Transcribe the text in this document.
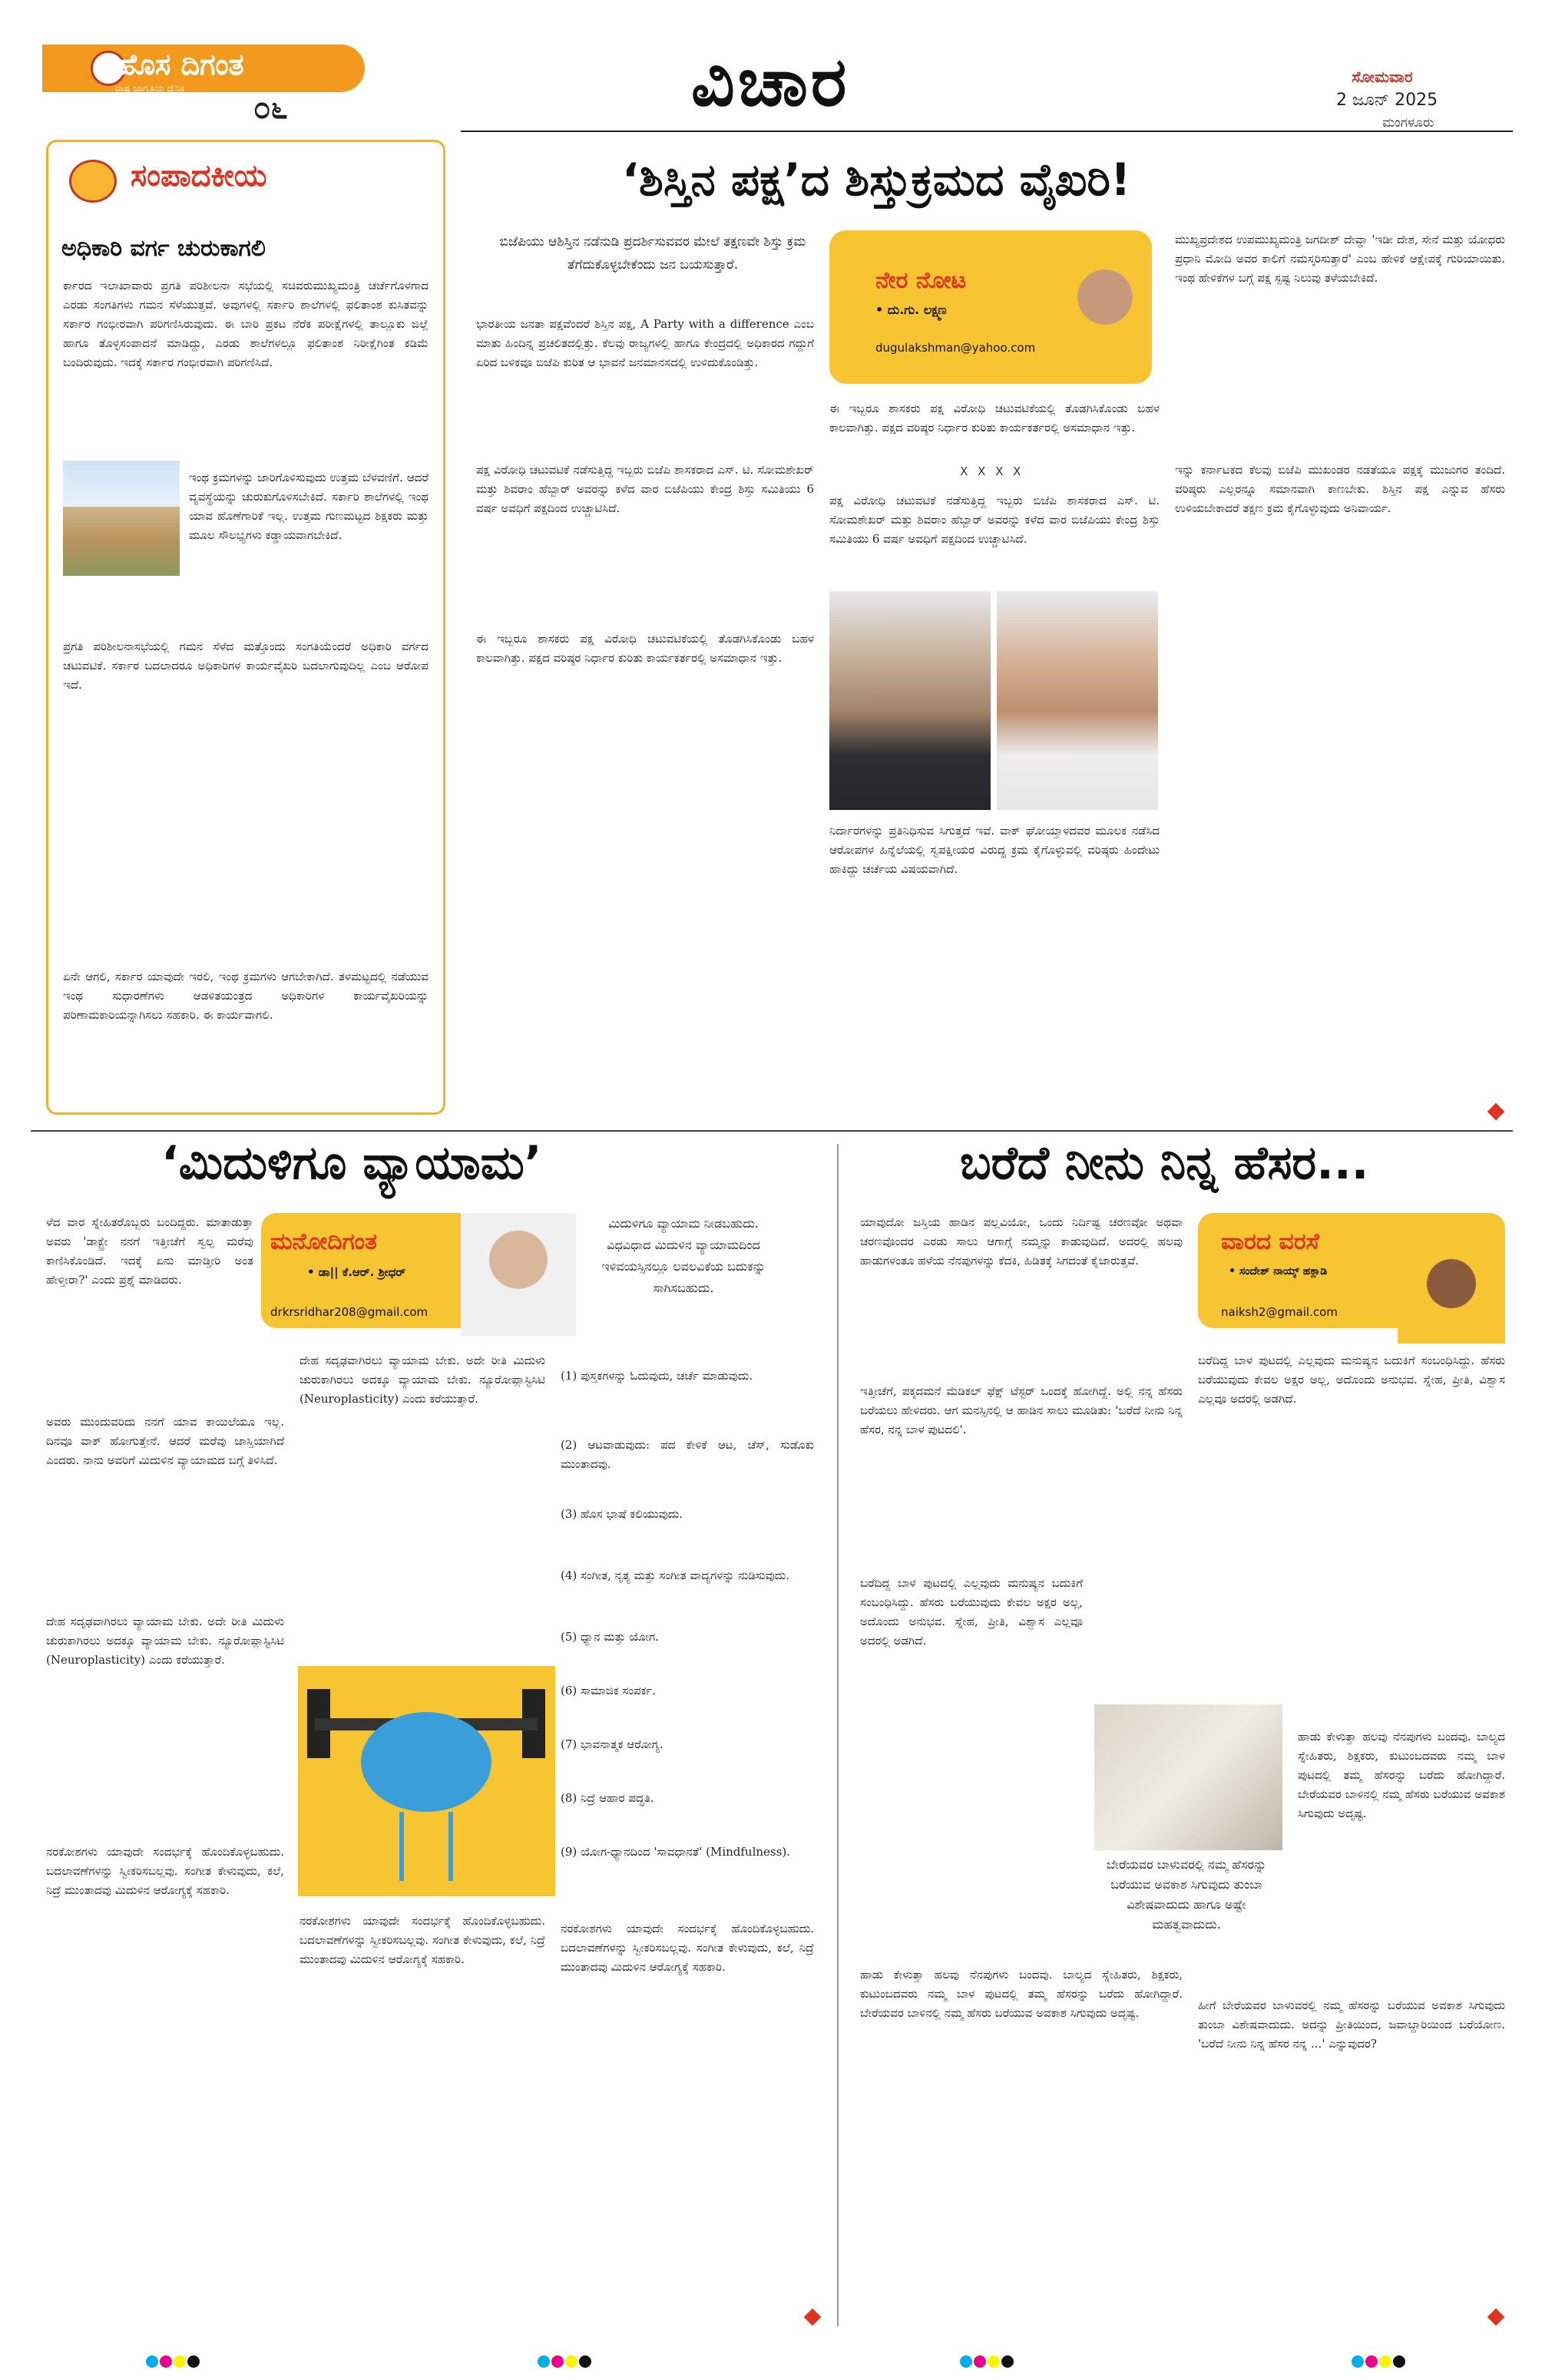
ಹೊಸ ದಿಗಂತ
ರಾಷ್ಟ್ರ ಜಾಗೃತಿಯ ದೈನಿಕ
೦೬	ವಿಚಾರ	ಸೋಮವಾರ
2 ಜೂನ್ 2025
ಮಂಗಳೂರು
ಸಂಪಾದಕೀಯ
ಅಧಿಕಾರಿ ವರ್ಗ ಚುರುಕಾಗಲಿ
ರ್ಕಾರದ ಇಲಾಖಾವಾರು ಪ್ರಗತಿ ಪರಿಶೀಲನಾ ಸಭೆಯಲ್ಲಿ ಸಚಿವರುಮುಖ್ಯಮಂತ್ರಿ ಚರ್ಚೆಗೊಳಗಾದ ಎರಡು ಸಂಗತಿಗಳು ಗಮನ ಸೆಳೆಯುತ್ತವೆ. ಅವುಗಳಲ್ಲಿ ಸರ್ಕಾರಿ ಶಾಲೆಗಳಲ್ಲಿ ಫಲಿತಾಂಶ ಕುಸಿತವನ್ನು ಸರ್ಕಾರ ಗಂಭೀರವಾಗಿ ಪರಿಗಣಿಸಿರುವುದು. ಈ ಬಾರಿ ಪ್ರಕಟ ನೆರೆಕ ಪರೀಕ್ಷೆಗಳಲ್ಲಿ ತಾಲ್ಲೂಕು ಜಿಲ್ಲೆ ಹಾಗೂ ತೊಳ್ಳಸಂಪಾದನೆ ಮಾಡಿದ್ದು, ಎರಡು ಶಾಲೆಗಳಲ್ಲೂ ಫಲಿತಾಂಶ ನಿರೀಕ್ಷೆಗಿಂತ ಕಡಿಮೆ ಬಂದಿರುವುದು. ಇದಕ್ಕೆ ಸರ್ಕಾರ ಗಂಭೀರವಾಗಿ ಪರಿಗಣಿಸಿದೆ.
ಇಂಥ ಕ್ರಮಗಳನ್ನು ಜಾರಿಗೊಳಿಸುವುದು ಉತ್ತಮ ಬೆಳವಣಿಗೆ. ಆದರೆ ವ್ಯವಸ್ಥೆಯನ್ನು ಚುರುಕುಗೊಳಿಸಬೇಕಿದೆ. ಸರ್ಕಾರಿ ಶಾಲೆಗಳಲ್ಲಿ ಇಂಥ ಯಾವ ಹೊಣೆಗಾರಿಕೆ ಇಲ್ಲ. ಉತ್ತಮ ಗುಣಮಟ್ಟದ ಶಿಕ್ಷಕರು ಮತ್ತು ಮೂಲ ಸೌಲಭ್ಯಗಳು ಕಡ್ಡಾಯವಾಗಬೇಕಿದೆ.
ಪ್ರಗತಿ ಪರಿಶೀಲನಾಸಭೆಯಲ್ಲಿ ಗಮನ ಸೆಳೆದ ಮತ್ತೊಂದು ಸಂಗತಿಯೆಂದರೆ ಅಧಿಕಾರಿ ವರ್ಗದ ಚಟುವಟಿಕೆ. ಸರ್ಕಾರ ಬದಲಾದರೂ ಅಧಿಕಾರಿಗಳ ಕಾರ್ಯವೈಖರಿ ಬದಲಾಗುವುದಿಲ್ಲ ಎಂಬ ಆರೋಪ ಇದೆ.
ಏನೇ ಆಗಲಿ, ಸರ್ಕಾರ ಯಾವುದೇ ಇರಲಿ, ಇಂಥ ಕ್ರಮಗಳು ಆಗಬೇಕಾಗಿದೆ. ತಳಮಟ್ಟದಲ್ಲಿ ನಡೆಯುವ ಇಂಥ ಸುಧಾರಣೆಗಳು ಆಡಳಿತಯಂತ್ರದ ಅಧಿಕಾರಿಗಳ ಕಾರ್ಯವೈಖರಿಯನ್ನು ಪರಿಣಾಮಕಾರಿಯನ್ನಾಗಿಸಲು ಸಹಕಾರಿ. ಈ ಕಾರ್ಯವಾಗಲಿ.
‘ಶಿಸ್ತಿನ ಪಕ್ಷ’ದ ಶಿಸ್ತುಕ್ರಮದ ವೈಖರಿ!
ಬಿಜೆಪಿಯು ಆಶಿಸ್ತಿನ ನಡೆನುಡಿ ಪ್ರದರ್ಶಿಸುವವರ ಮೇಲೆ ತಕ್ಷಣವೇ ಶಿಸ್ತು ಕ್ರಮ ತೆಗೆದುಕೊಳ್ಳಬೇಕೆಂದು ಜನ ಬಯಸುತ್ತಾರೆ.
ನೇರ ನೋಟ
• ದು.ಗು. ಲಕ್ಷ್ಮಣ
dugulakshman@yahoo.com
ಭಾರತೀಯ ಜನತಾ ಪಕ್ಷವೆಂದರೆ ಶಿಸ್ತಿನ ಪಕ್ಷ, A Party with a difference ಎಂಬ ಮಾತು ಹಿಂದಿನ್ನ ಪ್ರಚಲಿತದಲ್ಲಿತ್ತು. ಕೆಲವು ರಾಜ್ಯಗಳಲ್ಲಿ ಹಾಗೂ ಕೇಂದ್ರದಲ್ಲಿ ಅಧಿಕಾರದ ಗದ್ದುಗೆ ಏರಿದ ಬಳಿಕವೂ ಬಿಜೆಪಿ ಕುರಿತ ಆ ಭಾವನೆ ಜನಮಾನಸದಲ್ಲಿ ಉಳಿದುಕೊಂಡಿತ್ತು.
ಪಕ್ಷ ವಿರೋಧಿ ಚಟುವಟಿಕೆ ನಡೆಸುತ್ತಿದ್ದ ಇಬ್ಬರು ಬಿಜೆಪಿ ಶಾಸಕರಾದ ಎಸ್. ಟಿ. ಸೋಮಶೇಖರ್ ಮತ್ತು ಶಿವರಾಂ ಹೆಬ್ಬಾರ್ ಅವರನ್ನು ಕಳೆದ ವಾರ ಬಿಜೆಪಿಯು ಕೇಂದ್ರ ಶಿಸ್ತು ಸಮಿತಿಯು 6 ವರ್ಷ ಅವಧಿಗೆ ಪಕ್ಷದಿಂದ ಉಚ್ಚಾಟಿಸಿದೆ.
ಈ ಇಬ್ಬರೂ ಶಾಸಕರು ಪಕ್ಷ ವಿರೋಧಿ ಚಟುವಟಿಕೆಯಲ್ಲಿ ತೊಡಗಿಸಿಕೊಂಡು ಬಹಳ ಕಾಲವಾಗಿತ್ತು. ಪಕ್ಷದ ವರಿಷ್ಠರ ನಿರ್ಧಾರ ಕುರಿತು ಕಾರ್ಯಕರ್ತರಲ್ಲಿ ಅಸಮಾಧಾನ ಇತ್ತು.
ಈ ಇಬ್ಬರೂ ಶಾಸಕರು ಪಕ್ಷ ವಿರೋಧಿ ಚಟುವಟಿಕೆಯಲ್ಲಿ ತೊಡಗಿಸಿಕೊಂಡು ಬಹಳ ಕಾಲವಾಗಿತ್ತು. ಪಕ್ಷದ ವರಿಷ್ಠರ ನಿರ್ಧಾರ ಕುರಿತು ಕಾರ್ಯಕರ್ತರಲ್ಲಿ ಅಸಮಾಧಾನ ಇತ್ತು.
X X X X
ಪಕ್ಷ ವಿರೋಧಿ ಚಟುವಟಿಕೆ ನಡೆಸುತ್ತಿದ್ದ ಇಬ್ಬರು ಬಿಜೆಪಿ ಶಾಸಕರಾದ ಎಸ್. ಟಿ. ಸೋಮಶೇಖರ್ ಮತ್ತು ಶಿವರಾಂ ಹೆಬ್ಬಾರ್ ಅವರನ್ನು ಕಳೆದ ವಾರ ಬಿಜೆಪಿಯು ಕೇಂದ್ರ ಶಿಸ್ತು ಸಮಿತಿಯು 6 ವರ್ಷ ಅವಧಿಗೆ ಪಕ್ಷದಿಂದ ಉಚ್ಚಾಟಿಸಿದೆ.
ನಿರ್ದಾರಗಳನ್ನು ಪ್ರತಿನಿಧಿಸುವ ಸಿಗುತ್ತದೆ ಇವೆ. ವಾಕ್ ಘೋಯ್ತಾಳದವರ ಮೂಲಕ ನಡೆಸಿದ ಆರೋಪಗಳ ಹಿನ್ನೆಲೆಯಲ್ಲಿ ಸ್ವಪಕ್ಷೀಯರ ವಿರುದ್ಧ ಕ್ರಮ ಕೈಗೊಳ್ಳುವಲ್ಲಿ ವರಿಷ್ಠರು ಹಿಂದೇಟು ಹಾಕಿದ್ದು ಚರ್ಚೆಯ ವಿಷಯವಾಗಿದೆ.
ಮುಖ್ಯಪ್ರದೇಶದ ಉಪಮುಖ್ಯಮಂತ್ರಿ ಜಗದೀಶ್ ದೇವ್ಡಾ 'ಇಡೀ ದೇಶ, ಸೇನೆ ಮತ್ತು ಯೋಧರು ಪ್ರಧಾನಿ ಮೋದಿ ಅವರ ಕಾಲಿಗೆ ನಮಸ್ಕರಿಸುತ್ತಾರೆ' ಎಂಬ ಹೇಳಿಕೆ ಆಕ್ಷೇಪಕ್ಕೆ ಗುರಿಯಾಯಿತು. ಇಂಥ ಹೇಳಿಕೆಗಳ ಬಗ್ಗೆ ಪಕ್ಷ ಸ್ಪಷ್ಟ ನಿಲುವು ತಳೆಯಬೇಕಿದೆ.
ಇನ್ನು ಕರ್ನಾಟಕದ ಕೆಲವು ಬಿಜೆಪಿ ಮುಖಂಡರ ನಡತೆಯೂ ಪಕ್ಷಕ್ಕೆ ಮುಜುಗರ ತಂದಿದೆ. ವರಿಷ್ಠರು ಎಲ್ಲರನ್ನೂ ಸಮಾನವಾಗಿ ಕಾಣಬೇಕು. ಶಿಸ್ತಿನ ಪಕ್ಷ ಎನ್ನುವ ಹೆಸರು ಉಳಿಯಬೇಕಾದರೆ ತಕ್ಷಣ ಕ್ರಮ ಕೈಗೊಳ್ಳುವುದು ಅನಿವಾರ್ಯ.
‘ಮಿದುಳಿಗೂ ವ್ಯಾಯಾಮ’
ಮನೋದಿಗಂತ
• ಡಾ|| ಕೆ.ಆರ್. ಶ್ರೀಧರ್
drkrsridhar208@gmail.com
ಮಿದುಳಿಗೂ ವ್ಯಾಯಾಮ ನೀಡಬಹುದು. ವಿಧವಿಧಾದ ಮಿದುಳಿನ ವ್ಯಾಯಾಮದಿಂದ ಇಳಿವಯಸ್ಸಿನಲ್ಲೂ ಲವಲವಿಕೆಯ ಬದುಕನ್ನು ಸಾಗಿಸಬಹುದು.
ಳೆದ ವಾರ ಸ್ನೇಹಿತರೊಬ್ಬರು ಬಂದಿದ್ದರು. ಮಾತಾಡುತ್ತಾ ಅವರು 'ಡಾಕ್ಟ್ರೇ ನನಗೆ ಇತ್ತೀಚೆಗೆ ಸ್ವಲ್ಪ ಮರೆವು ಕಾಣಿಸಿಕೊಂಡಿದೆ. ಇದಕ್ಕೆ ಏನು ಮಾಡ್ತೀರಿ ಅಂತ ಹೇಳ್ತೀರಾ?' ಎಂದು ಪ್ರಶ್ನೆ ಮಾಡಿದರು.
ಅವರು ಮುಂದುವರಿದು ನನಗೆ ಯಾವ ಕಾಯಿಲೆಯೂ ಇಲ್ಲ. ದಿನವೂ ವಾಕ್ ಹೋಗುತ್ತೇನೆ. ಆದರೆ ಮರೆವು ಜಾಸ್ತಿಯಾಗಿದೆ ಎಂದರು. ನಾನು ಅವರಿಗೆ ಮಿದುಳಿನ ವ್ಯಾಯಾಮದ ಬಗ್ಗೆ ತಿಳಿಸಿದೆ.
ದೇಹ ಸದೃಢವಾಗಿರಲು ವ್ಯಾಯಾಮ ಬೇಕು. ಅದೇ ರೀತಿ ಮಿದುಳು ಚುರುಕಾಗಿರಲು ಅದಕ್ಕೂ ವ್ಯಾಯಾಮ ಬೇಕು. ನ್ಯೂರೋಪ್ಲಾಸ್ಟಿಸಿಟಿ (Neuroplasticity) ಎಂದು ಕರೆಯುತ್ತಾರೆ.
ನರಕೋಶಗಳು ಯಾವುದೇ ಸಂದರ್ಭಕ್ಕೆ ಹೊಂದಿಕೊಳ್ಳಬಹುದು. ಬದಲಾವಣೆಗಳನ್ನು ಸ್ವೀಕರಿಸಬಲ್ಲವು. ಸಂಗೀತ ಕೇಳುವುದು, ಕಲೆ, ನಿದ್ರೆ ಮುಂತಾದವು ಮಿದುಳಿನ ಆರೋಗ್ಯಕ್ಕೆ ಸಹಕಾರಿ.
ದೇಹ ಸದೃಢವಾಗಿರಲು ವ್ಯಾಯಾಮ ಬೇಕು. ಅದೇ ರೀತಿ ಮಿದುಳು ಚುರುಕಾಗಿರಲು ಅದಕ್ಕೂ ವ್ಯಾಯಾಮ ಬೇಕು. ನ್ಯೂರೋಪ್ಲಾಸ್ಟಿಸಿಟಿ (Neuroplasticity) ಎಂದು ಕರೆಯುತ್ತಾರೆ.
ನರಕೋಶಗಳು ಯಾವುದೇ ಸಂದರ್ಭಕ್ಕೆ ಹೊಂದಿಕೊಳ್ಳಬಹುದು. ಬದಲಾವಣೆಗಳನ್ನು ಸ್ವೀಕರಿಸಬಲ್ಲವು. ಸಂಗೀತ ಕೇಳುವುದು, ಕಲೆ, ನಿದ್ರೆ ಮುಂತಾದವು ಮಿದುಳಿನ ಆರೋಗ್ಯಕ್ಕೆ ಸಹಕಾರಿ.
(1) ಪುಸ್ತಕಗಳನ್ನು ಓದುವುದು, ಚರ್ಚೆ ಮಾಡುವುದು.
(2) ಆಟವಾಡುವುದು: ಪದ ಕೇಳಿಕೆ ಆಟ, ಚೆಸ್, ಸುಡೊಕು ಮುಂತಾದವು.
(3) ಹೊಸ ಭಾಷೆ ಕಲಿಯುವುದು.
(4) ಸಂಗೀತ, ನೃತ್ಯ ಮತ್ತು ಸಂಗೀತ ವಾದ್ಯಗಳನ್ನು ನುಡಿಸುವುದು.
(5) ಧ್ಯಾನ ಮತ್ತು ಯೋಗ.
(6) ಸಾಮಾಜಿಕ ಸಂಪರ್ಕ.
(7) ಭಾವನಾತ್ಮಕ ಆರೋಗ್ಯ.
(8) ನಿದ್ರೆ ಆಹಾರ ಪದ್ಧತಿ.
(9) ಯೋಗ-ಧ್ಯಾನದಿಂದ 'ಸಾವಧಾನತೆ' (Mindfulness).
ನರಕೋಶಗಳು ಯಾವುದೇ ಸಂದರ್ಭಕ್ಕೆ ಹೊಂದಿಕೊಳ್ಳಬಹುದು. ಬದಲಾವಣೆಗಳನ್ನು ಸ್ವೀಕರಿಸಬಲ್ಲವು. ಸಂಗೀತ ಕೇಳುವುದು, ಕಲೆ, ನಿದ್ರೆ ಮುಂತಾದವು ಮಿದುಳಿನ ಆರೋಗ್ಯಕ್ಕೆ ಸಹಕಾರಿ.
ಬರೆದೆ ನೀನು ನಿನ್ನ ಹೆಸರ...
ವಾರದ ವರಸೆ
• ಸಂದೇಶ್ ನಾಯ್ಕ್ ಹಕ್ಲಾಡಿ
naiksh2@gmail.com
ಯಾವುದೋ ಜಸ್ತಿಯ ಹಾಡಿನ ಪಲ್ಲವಿಯೋ, ಒಂದು ನಿರ್ದಿಷ್ಟ ಚರಣವೋ ಅಥವಾ ಚರಣವೊಂದರ ಎರಡು ಸಾಲು ಆಗಾಗ್ಗೆ ನಮ್ಮನ್ನು ಕಾಡುವುದಿದೆ. ಅದರಲ್ಲಿ ಹಲವು ಹಾಡುಗಳಂತೂ ಹಳೆಯ ನೆನಪುಗಳನ್ನು ಕೆದಕಿ, ಹಿಡಿತಕ್ಕೆ ಸಿಗದಂತೆ ಕೈಜಾರುತ್ತವೆ.
ಇತ್ತೀಚೆಗೆ, ಪಕ್ಕದಮನೆ ಮೆಡಿಕಲ್ ಫೆಕ್ಷ್ ಟೆಸ್ಟರ್ ಒಂದಕ್ಕೆ ಹೋಗಿದ್ದೆ. ಅಲ್ಲಿ ನನ್ನ ಹೆಸರು ಬರೆಯಲು ಹೇಳಿದರು. ಆಗ ಮನಸ್ಸಿನಲ್ಲಿ ಆ ಹಾಡಿನ ಸಾಲು ಮೂಡಿತು: 'ಬರೆದೆ ನೀನು ನಿನ್ನ ಹೆಸರ, ನನ್ನ ಬಾಳ ಪುಟದಲಿ'.
ಬರೆದಿದ್ದ ಬಾಳ ಪುಟದಲ್ಲಿ ಎಲ್ಲವುದು ಮನುಷ್ಯನ ಬದುಕಿಗೆ ಸಂಬಂಧಿಸಿದ್ದು. ಹೆಸರು ಬರೆಯುವುದು ಕೇವಲ ಅಕ್ಷರ ಅಲ್ಲ, ಅದೊಂದು ಅನುಭವ. ಸ್ನೇಹ, ಪ್ರೀತಿ, ವಿಶ್ವಾಸ ಎಲ್ಲವೂ ಅದರಲ್ಲಿ ಅಡಗಿದೆ.
ಹಾಡು ಕೇಳುತ್ತಾ ಹಲವು ನೆನಪುಗಳು ಬಂದವು. ಬಾಲ್ಯದ ಸ್ನೇಹಿತರು, ಶಿಕ್ಷಕರು, ಕುಟುಂಬದವರು ನಮ್ಮ ಬಾಳ ಪುಟದಲ್ಲಿ ತಮ್ಮ ಹೆಸರನ್ನು ಬರೆದು ಹೋಗಿದ್ದಾರೆ. ಬೇರೆಯವರ ಬಾಳಿನಲ್ಲಿ ನಮ್ಮ ಹೆಸರು ಬರೆಯುವ ಅವಕಾಶ ಸಿಗುವುದು ಅದೃಷ್ಟ.
ಬೇರೆಯವರ ಬಾಳುವರಲ್ಲಿ ನಮ್ಮ ಹೆಸರನ್ನು ಬರೆಯುವ ಅವಕಾಶ ಸಿಗುವುದು ತುಂಬಾ ವಿಶೇಷವಾದುದು ಹಾಗೂ ಅಷ್ಟೇ ಮಹತ್ವವಾದುದು.
ಬರೆದಿದ್ದ ಬಾಳ ಪುಟದಲ್ಲಿ ಎಲ್ಲವುದು ಮನುಷ್ಯನ ಬದುಕಿಗೆ ಸಂಬಂಧಿಸಿದ್ದು. ಹೆಸರು ಬರೆಯುವುದು ಕೇವಲ ಅಕ್ಷರ ಅಲ್ಲ, ಅದೊಂದು ಅನುಭವ. ಸ್ನೇಹ, ಪ್ರೀತಿ, ವಿಶ್ವಾಸ ಎಲ್ಲವೂ ಅದರಲ್ಲಿ ಅಡಗಿದೆ.
ಹಾಡು ಕೇಳುತ್ತಾ ಹಲವು ನೆನಪುಗಳು ಬಂದವು. ಬಾಲ್ಯದ ಸ್ನೇಹಿತರು, ಶಿಕ್ಷಕರು, ಕುಟುಂಬದವರು ನಮ್ಮ ಬಾಳ ಪುಟದಲ್ಲಿ ತಮ್ಮ ಹೆಸರನ್ನು ಬರೆದು ಹೋಗಿದ್ದಾರೆ. ಬೇರೆಯವರ ಬಾಳಿನಲ್ಲಿ ನಮ್ಮ ಹೆಸರು ಬರೆಯುವ ಅವಕಾಶ ಸಿಗುವುದು ಅದೃಷ್ಟ.
ಹೀಗೆ ಬೇರೆಯವರ ಬಾಳುವರಲ್ಲಿ ನಮ್ಮ ಹೆಸರನ್ನು ಬರೆಯುವ ಅವಕಾಶ ಸಿಗುವುದು ತುಂಬಾ ವಿಶೇಷವಾದುದು. ಅದನ್ನು ಪ್ರೀತಿಯಿಂದ, ಜವಾಬ್ದಾರಿಯಿಂದ ಬರೆಯೋಣ. 'ಬರೆದೆ ನೀನು ನಿನ್ನ ಹೆಸರ ನನ್ನ ...' ಎನ್ನುವುದರ?
